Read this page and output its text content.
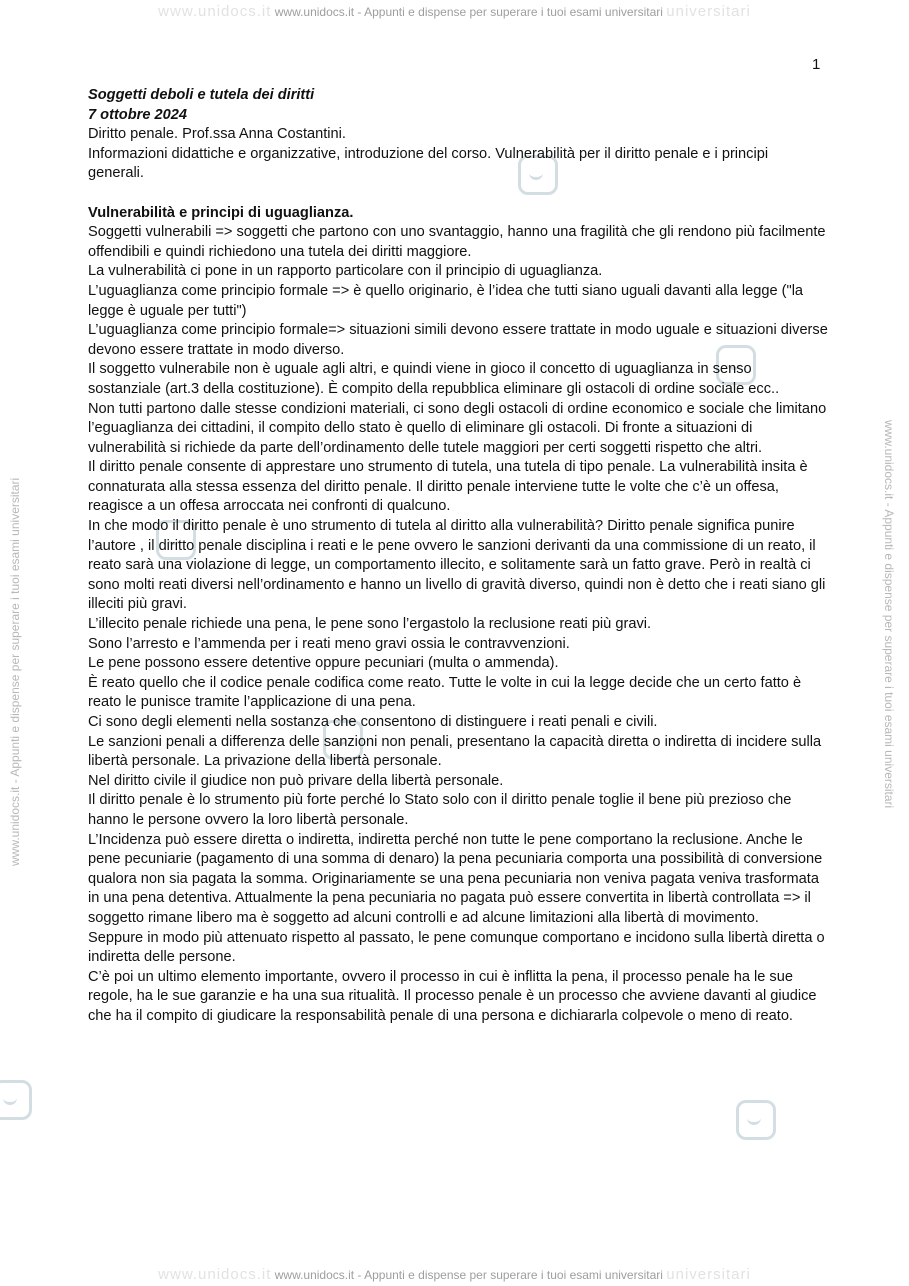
www.unidocs.it www.unidocs.it - Appunti e dispense per superare i tuoi esami universitari universitari
www.unidocs.it www.unidocs.it - Appunti e dispense per superare i tuoi esami universitari universitari
www.unidocs.it - Appunti e dispense per superare i tuoi esami universitari	www.unidocs.it - Appunti e dispense per superare i tuoi esami universitari
1

Soggetti deboli e tutela dei diritti

7 ottobre 2024

Diritto penale. Prof.ssa Anna Costantini.

Informazioni didattiche e organizzative, introduzione del corso. Vulnerabilità per il diritto penale e i principi generali.

Vulnerabilità e principi di uguaglianza.

Soggetti vulnerabili => soggetti che partono con uno svantaggio, hanno una fragilità che gli rendono più facilmente offendibili e quindi richiedono una tutela dei diritti maggiore.

La vulnerabilità ci pone in un rapporto particolare con il principio di uguaglianza.

L’uguaglianza come principio formale => è quello originario, è l’idea che tutti siano uguali davanti alla legge ("la legge è uguale per tutti")

L’uguaglianza come principio formale=> situazioni simili devono essere trattate in modo uguale e situazioni diverse devono essere trattate in modo diverso.

Il soggetto vulnerabile non è uguale agli altri, e quindi viene in gioco il concetto di uguaglianza in senso sostanziale (art.3 della costituzione). È compito della repubblica eliminare gli ostacoli di ordine sociale ecc..

Non tutti partono dalle stesse condizioni materiali, ci sono degli ostacoli di ordine economico e sociale che limitano l’eguaglianza dei cittadini, il compito dello stato è quello di eliminare gli ostacoli. Di fronte a situazioni di vulnerabilità si richiede da parte dell’ordinamento delle tutele maggiori per certi soggetti rispetto che altri.

Il diritto penale consente di apprestare uno strumento di tutela, una tutela di tipo penale. La vulnerabilità insita è connaturata alla stessa essenza del diritto penale. Il diritto penale interviene tutte le volte che c’è un offesa, reagisce a un offesa arroccata nei confronti di qualcuno.

In che modo il diritto penale è uno strumento di tutela al diritto alla vulnerabilità? Diritto penale significa punire l’autore , il diritto penale disciplina i reati e le pene ovvero le sanzioni derivanti da una commissione di un reato, il reato sarà una violazione di legge, un comportamento illecito, e solitamente sarà un fatto grave. Però in realtà ci sono molti reati diversi nell’ordinamento e hanno un livello di gravità diverso, quindi non è detto che i reati siano gli illeciti più gravi.

L’illecito penale richiede una pena, le pene sono l’ergastolo la reclusione reati più gravi.

Sono l’arresto e l’ammenda per i reati meno gravi ossia le contravvenzioni.

Le pene possono essere detentive oppure pecuniari (multa o ammenda).

È reato quello che il codice penale codifica come reato. Tutte le volte in cui la legge decide che un certo fatto è reato le punisce tramite l’applicazione di una pena.

Ci sono degli elementi nella sostanza che consentono di distinguere i reati penali e civili.

Le sanzioni penali a differenza delle sanzioni non penali, presentano la capacità diretta o indiretta di incidere sulla libertà personale. La privazione della libertà personale.

Nel diritto civile il giudice non può privare della libertà personale.

Il diritto penale è lo strumento più forte perché lo Stato solo con il diritto penale toglie il bene più prezioso che hanno le persone ovvero la loro libertà personale.

L’Incidenza può essere diretta o indiretta, indiretta perché non tutte le pene comportano la reclusione. Anche le pene pecuniarie (pagamento di una somma di denaro) la pena pecuniaria comporta una possibilità di conversione qualora non sia pagata la somma. Originariamente se una pena pecuniaria non veniva pagata veniva trasformata in una pena detentiva. Attualmente la pena pecuniaria no pagata può essere convertita in libertà controllata => il soggetto rimane libero ma è soggetto ad alcuni controlli e ad alcune limitazioni alla libertà di movimento.

Seppure in modo più attenuato rispetto al passato, le pene comunque comportano e incidono sulla libertà diretta o indiretta delle persone.

C’è poi un ultimo elemento importante, ovvero il processo in cui è inflitta la pena, il processo penale ha le sue regole, ha le sue garanzie e ha una sua ritualità. Il processo penale è un processo che avviene davanti al giudice che ha il compito di giudicare la responsabilità penale di una persona e dichiararla colpevole o meno di reato.
